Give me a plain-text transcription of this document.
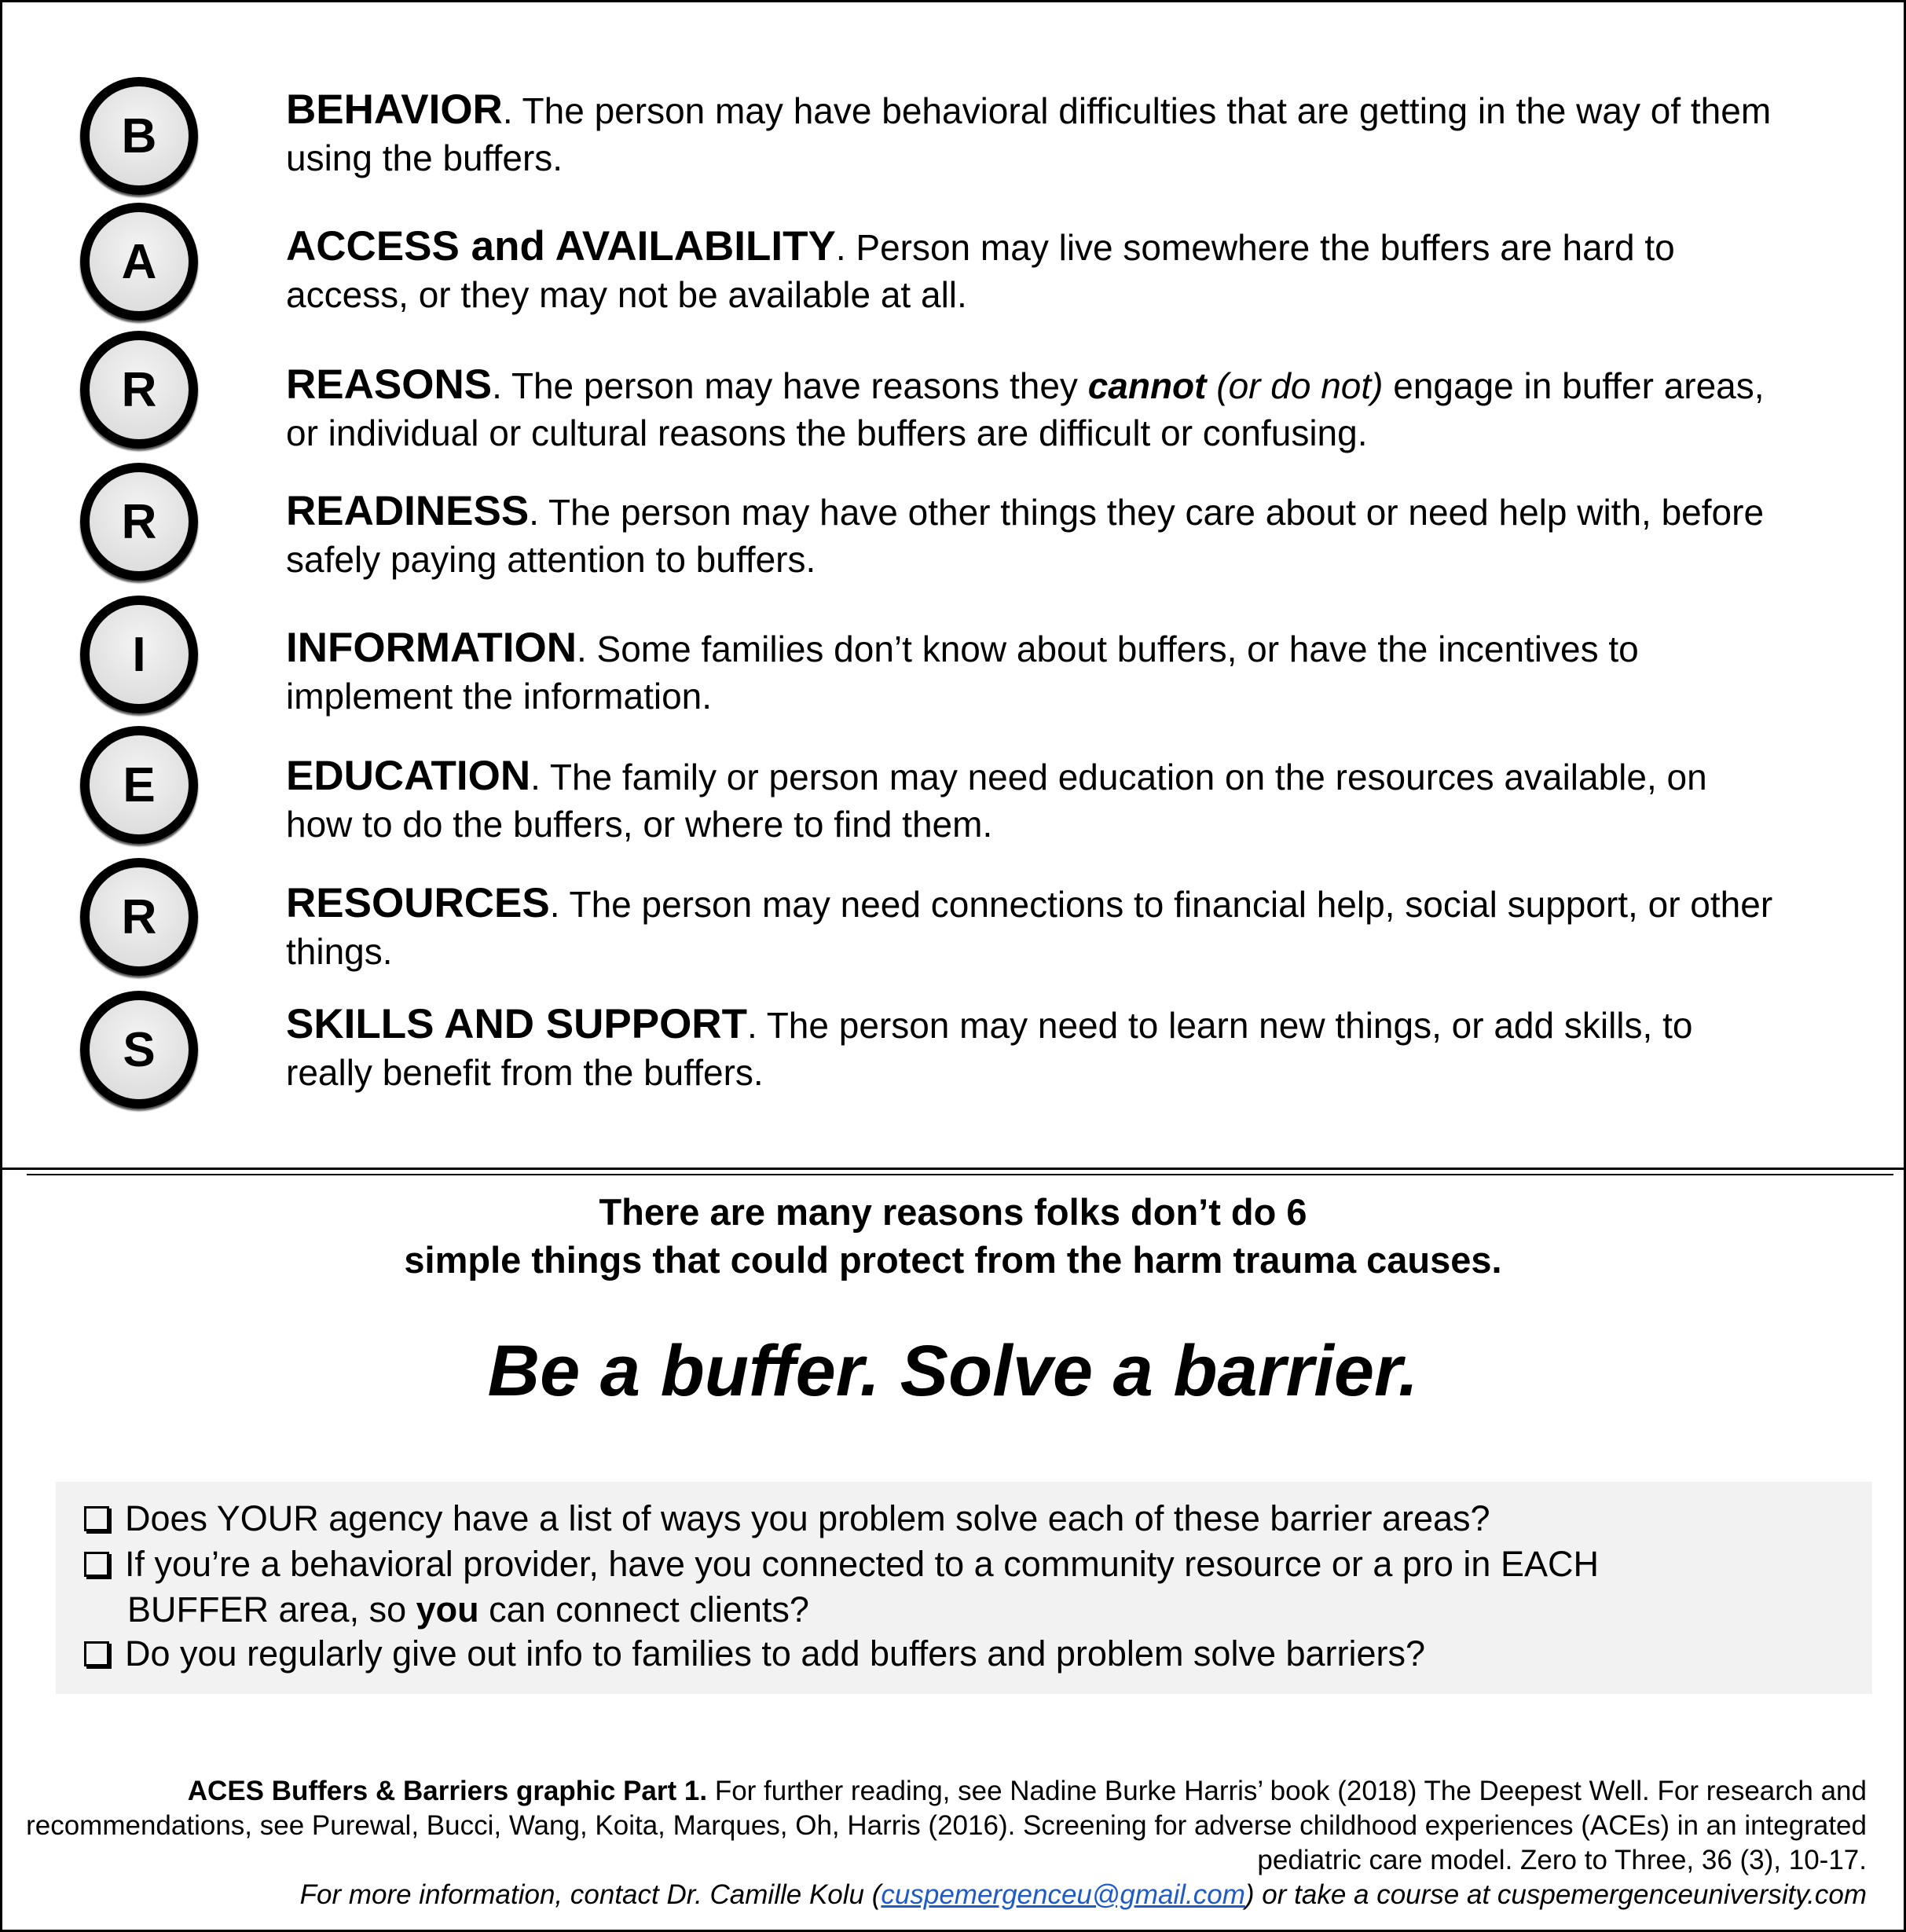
B
A
R
R
I
E
R
S
BEHAVIOR. The person may have behavioral difficulties that are getting in the way of them using the buffers.
ACCESS and AVAILABILITY. Person may live somewhere the buffers are hard to access, or they may not be available at all.
REASONS. The person may have reasons they cannot (or do not) engage in buffer areas, or individual or cultural reasons the buffers are difficult or confusing.
READINESS. The person may have other things they care about or need help with, before safely paying attention to buffers.
INFORMATION. Some families don’t know about buffers, or have the incentives to implement the information.
EDUCATION. The family or person may need education on the resources available, on how to do the buffers, or where to find them.
RESOURCES. The person may need connections to financial help, social support, or other things.
SKILLS AND SUPPORT. The person may need to learn new things, or add skills, to really benefit from the buffers.
There are many reasons folks don’t do 6
simple things that could protect from the harm trauma causes.
Be a buffer. Solve a barrier.
Does YOUR agency have a list of ways you problem solve each of these barrier areas?
If you’re a behavioral provider, have you connected to a community resource or a pro in EACH
BUFFER area, so you can connect clients?
Do you regularly give out info to families to add buffers and problem solve barriers?
ACES Buffers & Barriers graphic Part 1. For further reading, see Nadine Burke Harris’ book (2018) The Deepest Well. For research and recommendations, see Purewal, Bucci, Wang, Koita, Marques, Oh, Harris (2016). Screening for adverse childhood experiences (ACEs) in an integrated pediatric care model. Zero to Three, 36 (3), 10-17.
For more information, contact Dr. Camille Kolu (cuspemergenceu@gmail.com) or take a course at cuspemergenceuniversity.com
